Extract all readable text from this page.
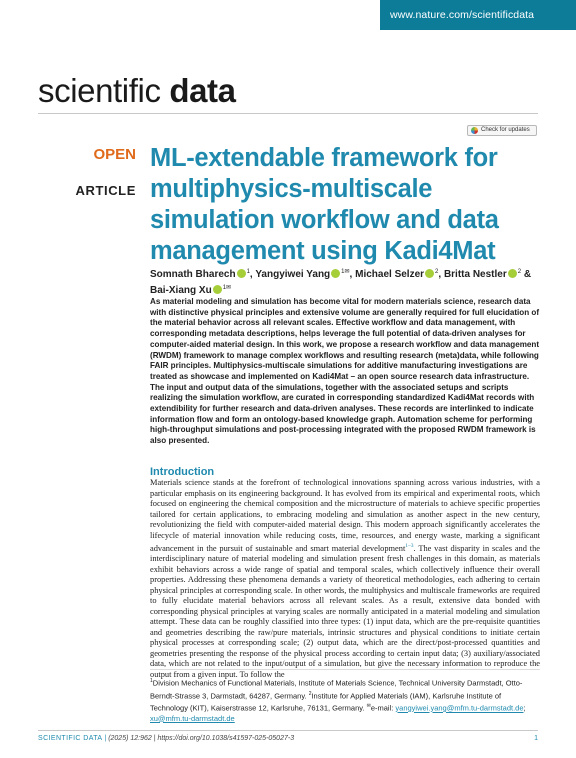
www.nature.com/scientificdata
scientific data
Check for updates
OPEN
ARTICLE
ML-extendable framework for multiphysics-multiscale simulation workflow and data management using Kadi4Mat
Somnath Bharech $^1$, Yangyiwei Yang $^{1✉}$, Michael Selzer $^2$, Britta Nestler $^2$ & Bai-Xiang Xu $^{1✉}$

As material modeling and simulation has become vital for modern materials science, research data with distinctive physical principles and extensive volume are generally required for full elucidation of the material behavior across all relevant scales. Effective workflow and data management, with corresponding metadata descriptions, helps leverage the full potential of data-driven analyses for computer-aided material design. In this work, we propose a research workflow and data management (RWDM) framework to manage complex workflows and resulting research (meta)data, while following FAIR principles. Multiphysics-multiscale simulations for additive manufacturing investigations are treated as showcase and implemented on Kadi4Mat – an open source research data infrastructure. The input and output data of the simulations, together with the associated setups and scripts realizing the simulation workflow, are curated in corresponding standardized Kadi4Mat records with extendibility for further research and data-driven analyses. These records are interlinked to indicate information flow and form an ontology-based knowledge graph. Automation scheme for performing high-throughput simulations and post-processing integrated with the proposed RWDM framework is also presented.

Introduction

Materials science stands at the forefront of technological innovations spanning across various industries, with a particular emphasis on its engineering background. It has evolved from its empirical and experimental roots, which focused on engineering the chemical composition and the microstructure of materials to achieve specific properties tailored for certain applications, to embracing modeling and simulation as another aspect in the new century, revolutionizing the field with computer-aided material design. This modern approach significantly accelerates the lifecycle of material innovation while reducing costs, time, resources, and energy waste, marking a significant advancement in the pursuit of sustainable and smart material development$^{1-3}$. The vast disparity in scales and the interdisciplinary nature of material modeling and simulation present fresh challenges in this domain, as materials exhibit behaviors across a wide range of spatial and temporal scales, which collectively influence their overall properties. Addressing these phenomena demands a variety of theoretical methodologies, each adhering to certain physical principles at corresponding scale. In other words, the multiphysics and multiscale frameworks are required to fully elucidate material behaviors across all relevant scales. As a result, extensive data bonded with corresponding physical principles at varying scales are normally anticipated in a material modeling and simulation attempt. These data can be roughly classified into three types: (1) input data, which are the pre-requisite quantities and geometries describing the raw/pure materials, intrinsic structures and physical conditions to initiate certain physical processes at corresponding scale; (2) output data, which are the direct/post-processed quantities and geometries presenting the response of the physical process according to certain input data; (3) auxiliary/associated data, which are not related to the input/output of a simulation, but give the necessary information to reproduce the output from a given input. To follow the

$^1$Division Mechanics of Functional Materials, Institute of Materials Science, Technical University Darmstadt, Otto-Berndt-Strasse 3, Darmstadt, 64287, Germany. $^2$Institute for Applied Materials (IAM), Karlsruhe Institute of Technology (KIT), Kaiserstrasse 12, Karlsruhe, 76131, Germany. ✉e-mail: yangyiwei.yang@mfm.tu-darmstadt.de; xu@mfm.tu-darmstadt.de

SCIENTIFIC DATA | (2025) 12:962 | https://doi.org/10.1038/s41597-025-05027-3	1
